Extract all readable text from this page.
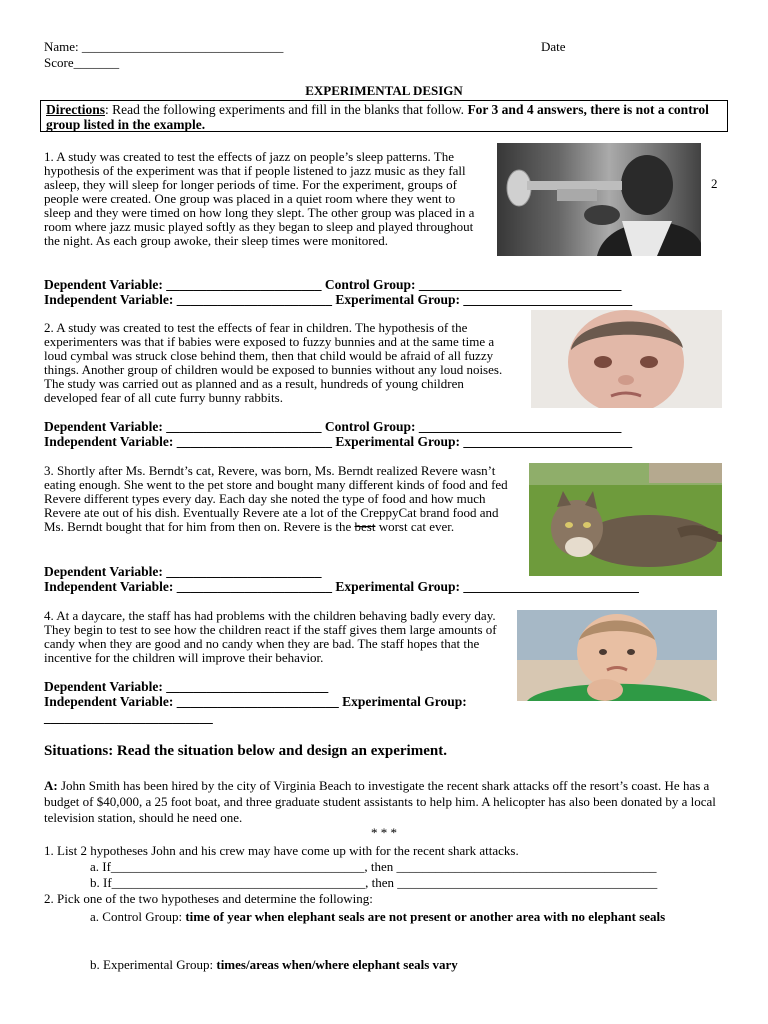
Name: _______________________________	Date
Score_______
EXPERIMENTAL DESIGN
Directions: Read the following experiments and fill in the blanks that follow. For 3 and 4 answers, there is not a control group listed in the example.
2
1. A study was created to test the effects of jazz on people’s sleep patterns. The hypothesis of the experiment was that if people listened to jazz music as they fall asleep, they will sleep for longer periods of time. For the experiment, groups of people were created. One group was placed in a quiet room where they went to sleep and they were timed on how long they slept. The other group was placed in a room where jazz music played softly as they began to sleep and played throughout the night. As each group awoke, their sleep times were monitored.
Dependent Variable: _______________________ Control Group: ______________________________
Independent Variable: _______________________ Experimental Group: _________________________
2. A study was created to test the effects of fear in children. The hypothesis of the experimenters was that if babies were exposed to fuzzy bunnies and at the same time a loud cymbal was struck close behind them, then that child would be afraid of all fuzzy things. Another group of children would be exposed to bunnies without any loud noises. The study was carried out as planned and as a result, hundreds of young children developed fear of all cute furry bunny rabbits.
Dependent Variable: _______________________ Control Group: ______________________________
Independent Variable: _______________________ Experimental Group: _________________________
3. Shortly after Ms. Berndt’s cat, Revere, was born, Ms. Berndt realized Revere wasn’t eating enough. She went to the pet store and bought many different kinds of food and fed Revere different types every day. Each day she noted the type of food and how much Revere ate out of his dish. Eventually Revere ate a lot of the CreppyCat brand food and Ms. Berndt bought that for him from then on. Revere is the best worst cat ever.
Dependent Variable: _______________________
Independent Variable: _______________________ Experimental Group: __________________________
4. At a daycare, the staff has had problems with the children behaving badly every day. They begin to test to see how the children react if the staff gives them large amounts of candy when they are good and no candy when they are bad. The staff hopes that the incentive for the children will improve their behavior.
Dependent Variable: ________________________
Independent Variable: ________________________ Experimental Group:
_________________________
Situations: Read the situation below and design an experiment.
A: John Smith has been hired by the city of Virginia Beach to investigate the recent shark attacks off the resort’s coast. He has a budget of $40,000, a 25 foot boat, and three graduate student assistants to help him. A helicopter has also been donated by a local television station, should he need one.
* * *
1. List 2 hypotheses John and his crew may have come up with for the recent shark attacks.
a. If_______________________________________, then ________________________________________
b. If_______________________________________, then ________________________________________
2. Pick one of the two hypotheses and determine the following:
a. Control Group: time of year when elephant seals are not present or another area with no elephant seals
b. Experimental Group: times/areas when/where elephant seals vary
